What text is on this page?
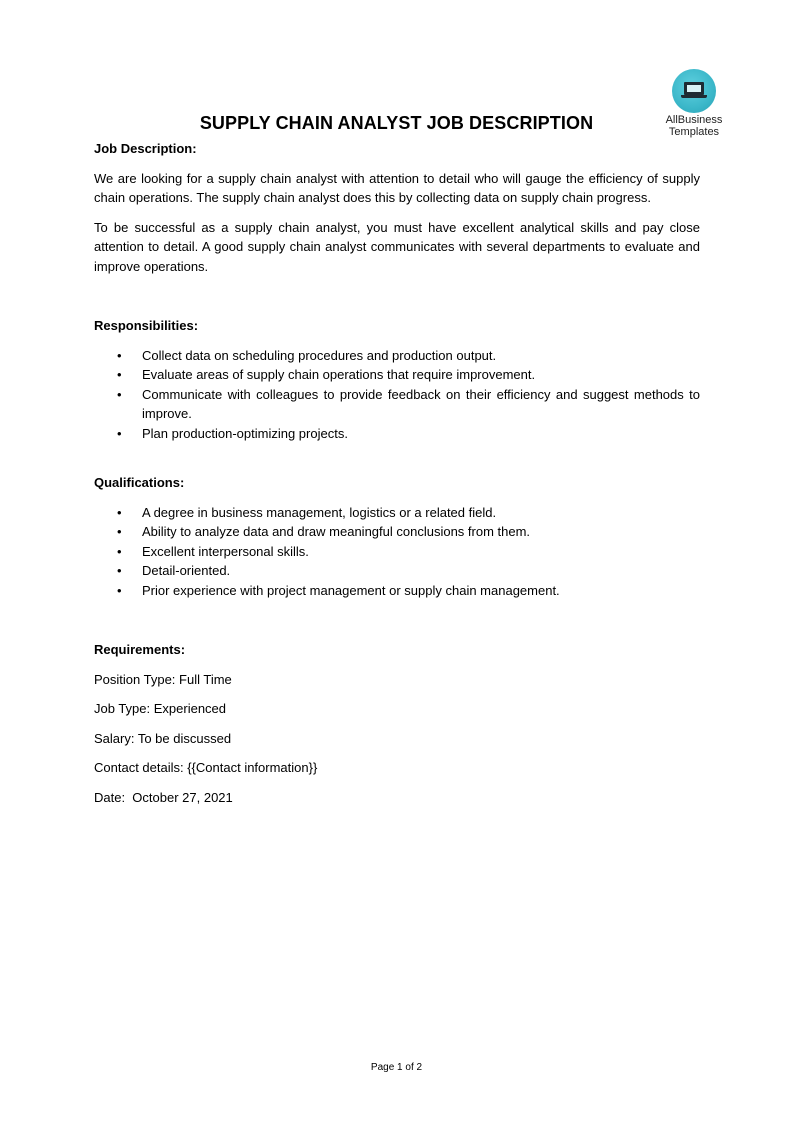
AllBusiness
Templates
SUPPLY CHAIN ANALYST JOB DESCRIPTION

Job Description:

We are looking for a supply chain analyst with attention to detail who will gauge the efficiency of supply chain operations. The supply chain analyst does this by collecting data on supply chain progress.

To be successful as a supply chain analyst, you must have excellent analytical skills and pay close attention to detail. A good supply chain analyst communicates with several departments to evaluate and improve operations.

Responsibilities:

• Collect data on scheduling procedures and production output.
• Evaluate areas of supply chain operations that require improvement.
• Communicate with colleagues to provide feedback on their efficiency and suggest methods to improve.
• Plan production-optimizing projects.

Qualifications:

• A degree in business management, logistics or a related field.
• Ability to analyze data and draw meaningful conclusions from them.
• Excellent interpersonal skills.
• Detail-oriented.
• Prior experience with project management or supply chain management.

Requirements:

Position Type: Full Time

Job Type: Experienced

Salary: To be discussed

Contact details: {{Contact information}}

Date:  October 27, 2021

Page 1 of 2
